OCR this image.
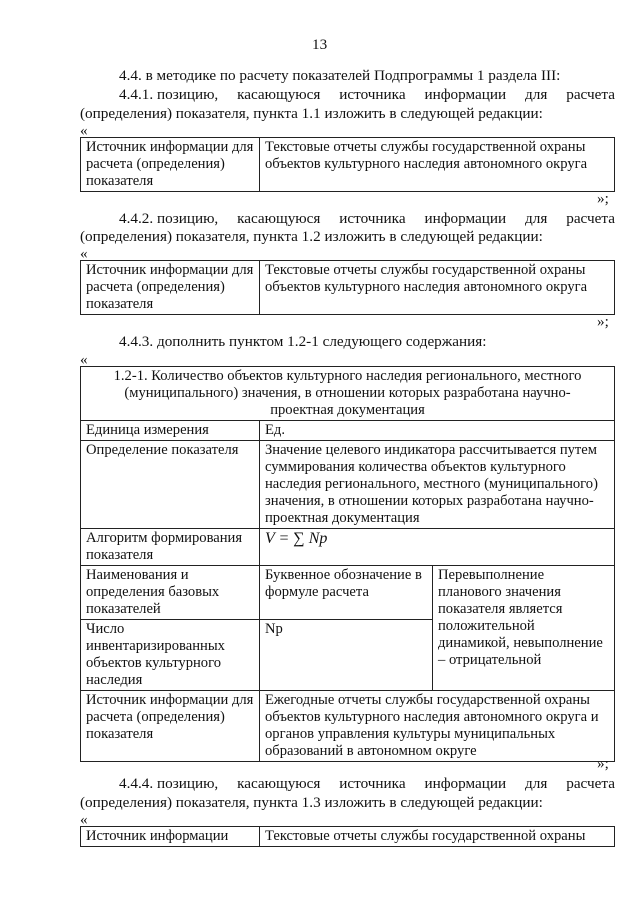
13
4.4. в методике по расчету показателей Подпрограммы 1 раздела III:
4.4.1. позицию, касающуюся источника информации для расчета
(определения) показателя, пункта 1.1 изложить в следующей редакции:
«
Источник информации для расчета (определения) показателя	Текстовые отчеты службы государственной охраны объектов культурного наследия автономного округа
»;
4.4.2. позицию, касающуюся источника информации для расчета
(определения) показателя, пункта 1.2 изложить в следующей редакции:
«
Источник информации для расчета (определения) показателя	Текстовые отчеты службы государственной охраны объектов культурного наследия автономного округа
»;
4.4.3. дополнить пунктом 1.2-1 следующего содержания:
«
1.2-1. Количество объектов культурного наследия регионального, местного (муниципального) значения, в отношении которых разработана научно-проектная документация		
Единица измерения	Ед.	
Определение показателя	Значение целевого индикатора рассчитывается путем суммирования количества объектов культурного наследия регионального, местного (муниципального) значения, в отношении которых разработана научно-проектная документация	
Алгоритм формирования показателя	V = ∑ Np	
Наименования и определения базовых показателей	Буквенное обозначение в формуле расчета	Перевыполнение планового значения показателя является положительной динамикой, невыполнение – отрицательной
Число инвентаризированных объектов культурного наследия	Np	
Источник информации для расчета (определения) показателя	Ежегодные отчеты службы государственной охраны объектов культурного наследия автономного округа и органов управления культуры муниципальных образований в автономном округе	
»;
4.4.4. позицию, касающуюся источника информации для расчета
(определения) показателя, пункта 1.3 изложить в следующей редакции:
«
Источник информации	Текстовые отчеты службы государственной охраны
